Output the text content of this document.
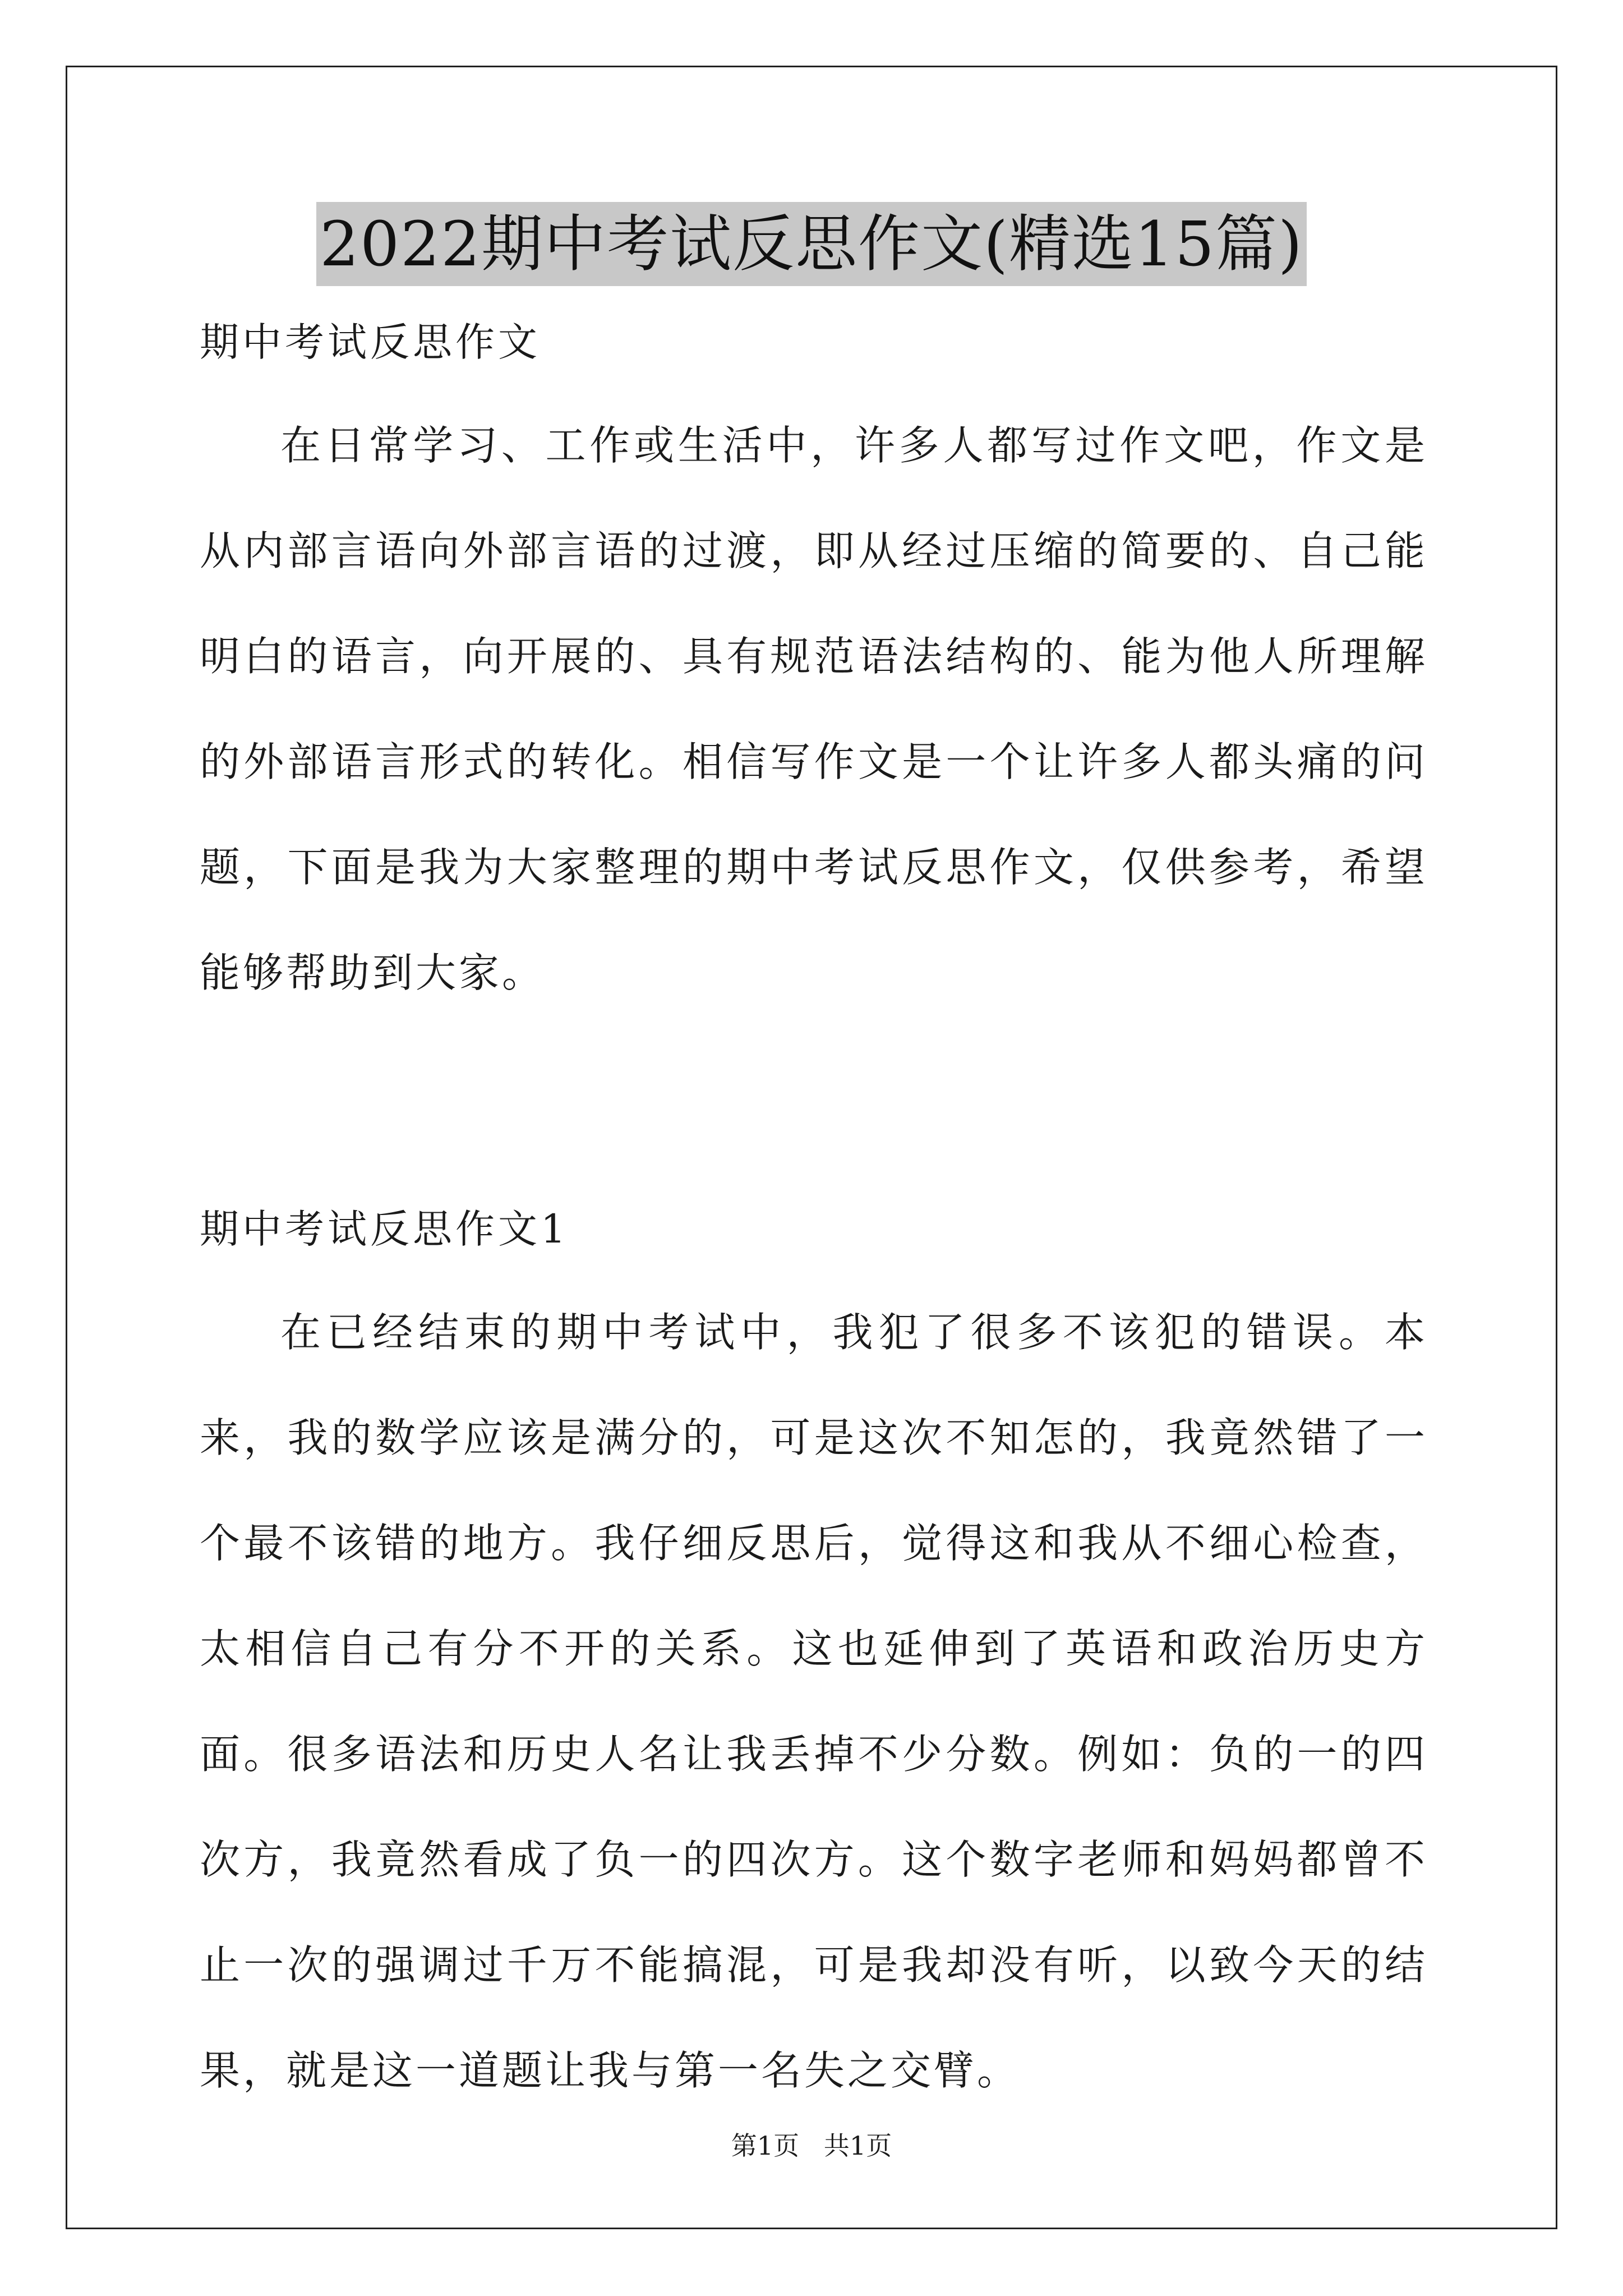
2022期中考试反思作文(精选15篇)

期中考试反思作文

在日常学习、工作或生活中，许多人都写过作文吧，作文是从内部言语向外部言语的过渡，即从经过压缩的简要的、自己能明白的语言，向开展的、具有规范语法结构的、能为他人所理解的外部语言形式的转化。相信写作文是一个让许多人都头痛的问题，下面是我为大家整理的期中考试反思作文，仅供参考，希望能够帮助到大家。

期中考试反思作文1

在已经结束的期中考试中，我犯了很多不该犯的错误。本来，我的数学应该是满分的，可是这次不知怎的，我竟然错了一个最不该错的地方。我仔细反思后，觉得这和我从不细心检查，太相信自己有分不开的关系。这也延伸到了英语和政治历史方面。很多语法和历史人名让我丢掉不少分数。例如：负的一的四次方，我竟然看成了负一的四次方。这个数字老师和妈妈都曾不止一次的强调过千万不能搞混，可是我却没有听，以致今天的结果，就是这一道题让我与第一名失之交臂。

第1页   共1页
